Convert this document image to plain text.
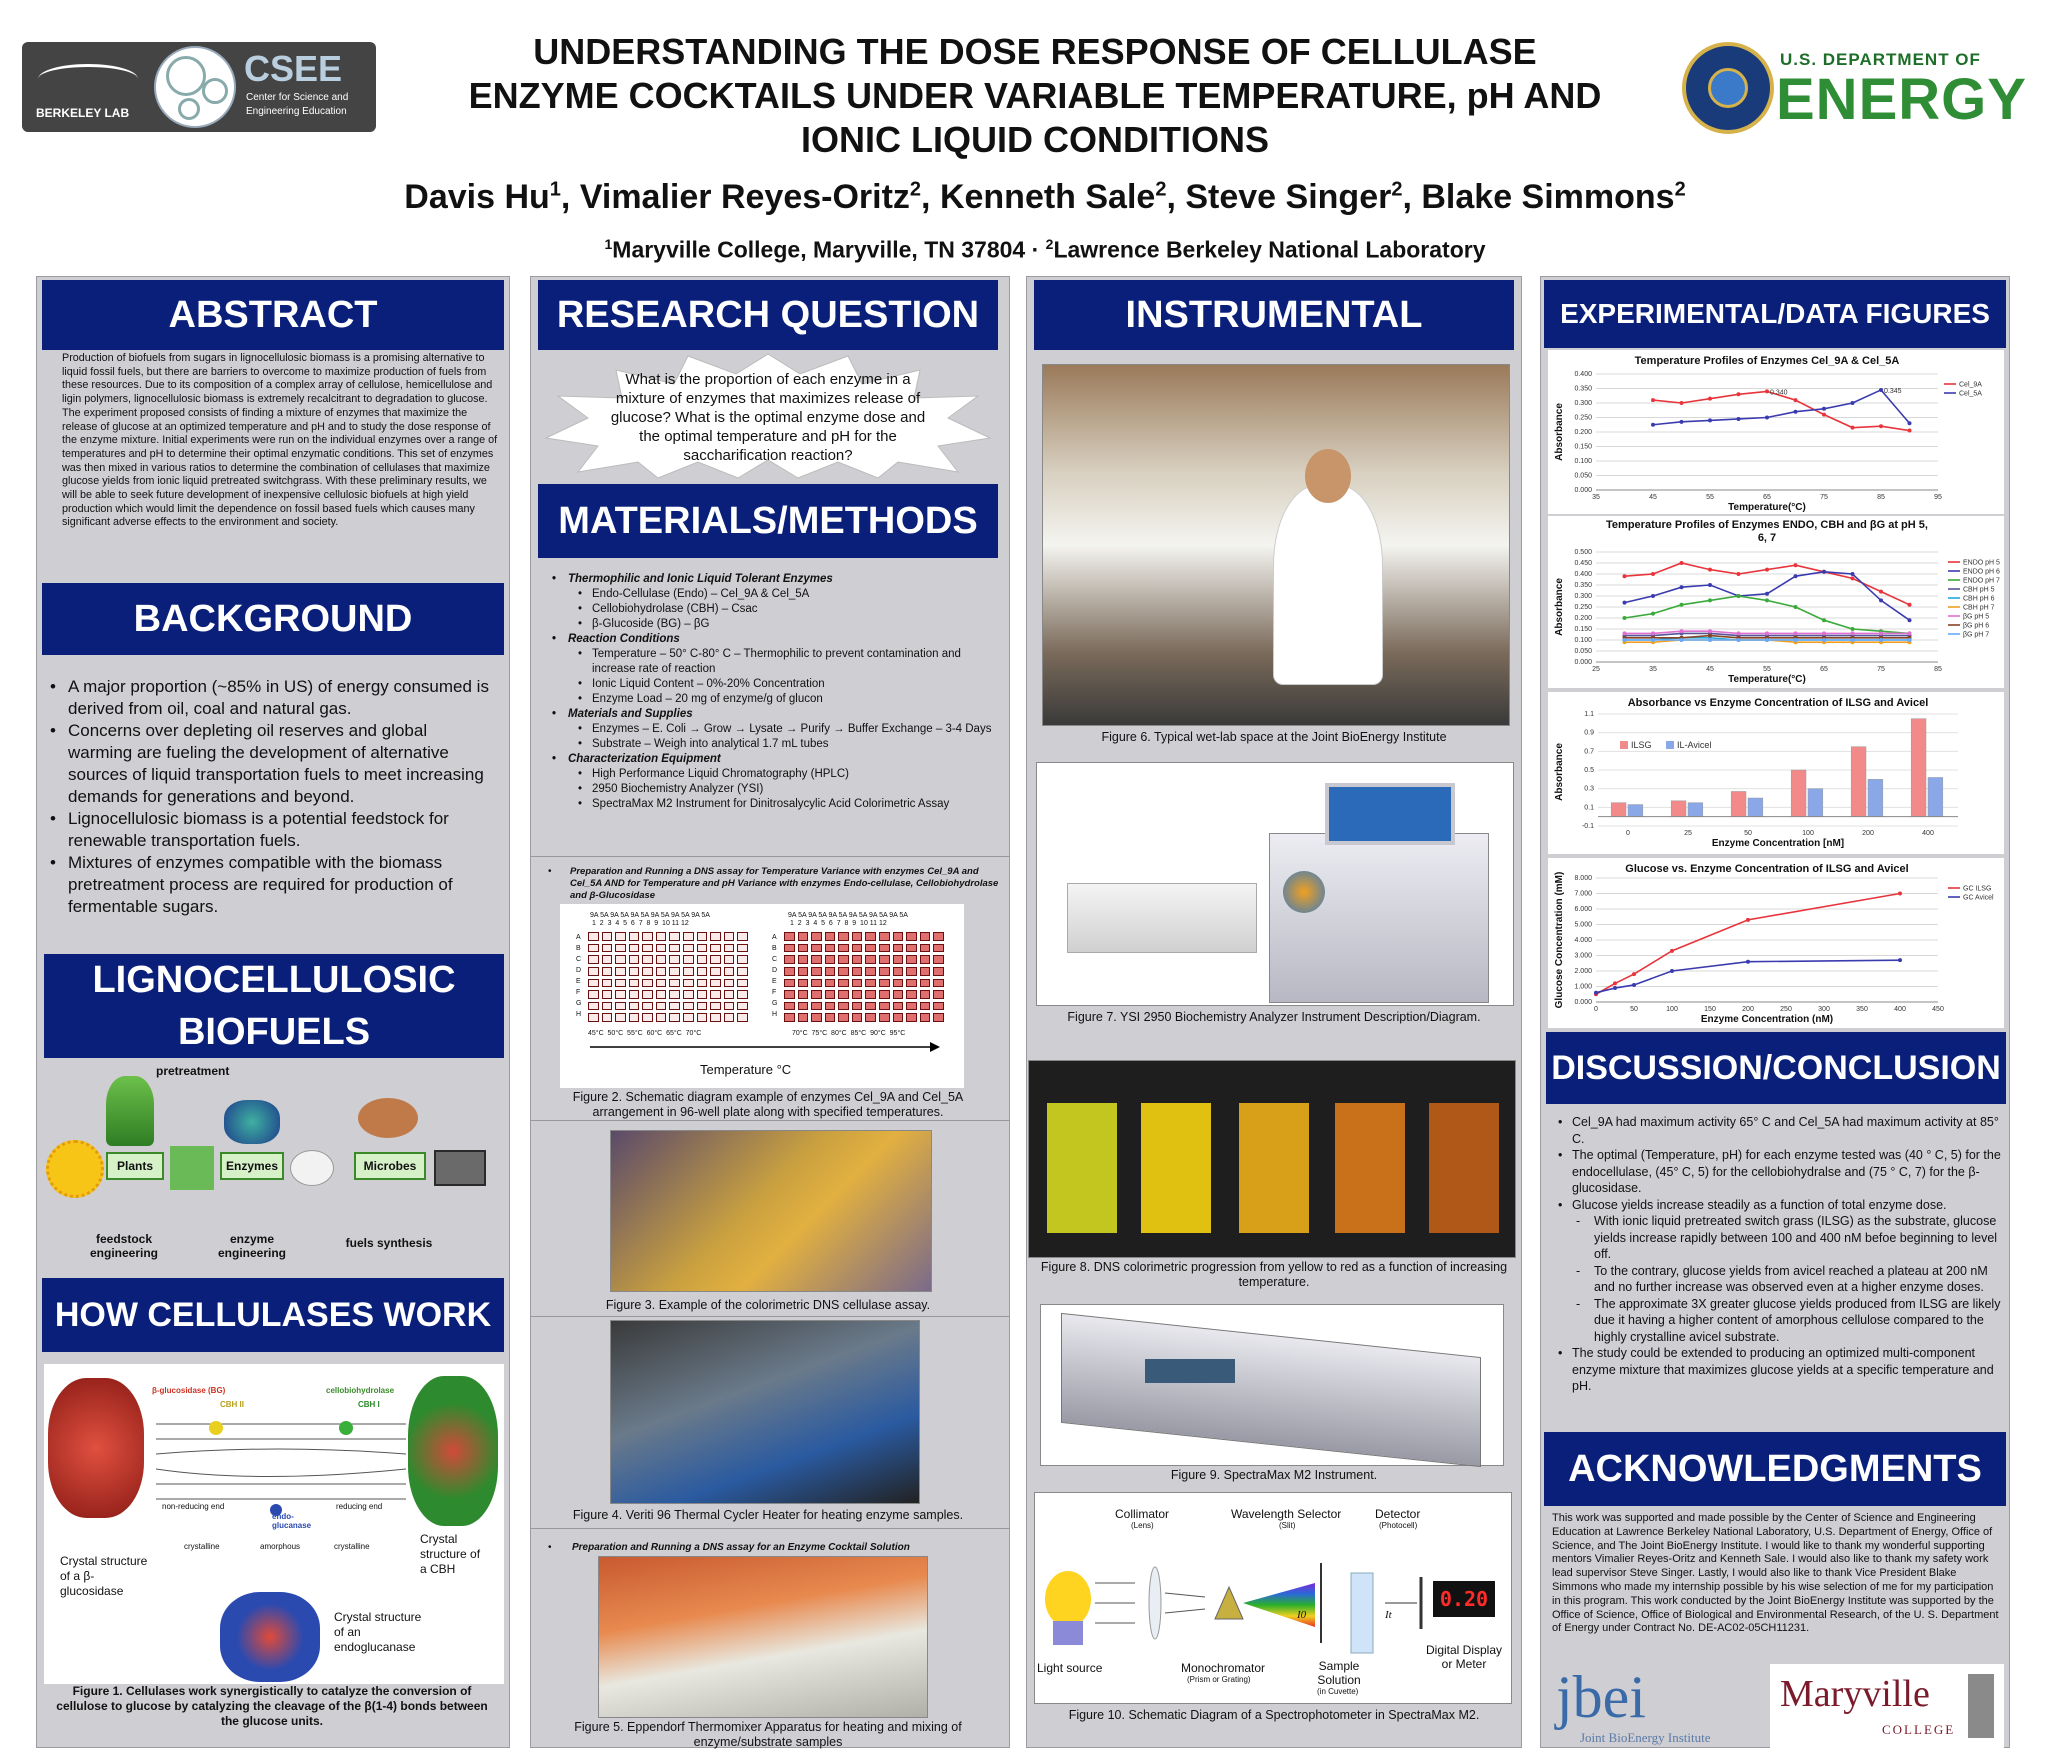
BERKELEY LAB
CSEE
Center for Science and
Engineering Education
UNDERSTANDING THE DOSE RESPONSE OF CELLULASE
ENZYME COCKTAILS UNDER VARIABLE TEMPERATURE, pH AND
IONIC LIQUID CONDITIONS
Davis Hu$^1$, Vimalier Reyes-Oritz$^2$, Kenneth Sale$^2$, Steve Singer$^2$, Blake Simmons$^2$
$^1$Maryville College, Maryville, TN 37804 · $^2$Lawrence Berkeley National Laboratory
U.S. DEPARTMENT OF
ENERGY
ABSTRACT
Production of biofuels from sugars in lignocellulosic biomass is a promising alternative to liquid fossil fuels, but there are barriers to overcome to maximize production of fuels from these resources. Due to its composition of a complex array of cellulose, hemicellulose and ligin polymers, lignocellulosic biomass is extremely recalcitrant to degradation to glucose. The experiment proposed consists of finding a mixture of enzymes that maximize the release of glucose at an optimized temperature and pH and to study the dose response of the enzyme mixture. Initial experiments were run on the individual enzymes over a range of temperatures and pH to determine their optimal enzymatic conditions. This set of enzymes was then mixed in various ratios to determine the combination of cellulases that maximize glucose yields from ionic liquid pretreated switchgrass. With these preliminary results, we will be able to seek future development of inexpensive cellulosic biofuels at high yield production which would limit the dependence on fossil based fuels which causes many significant adverse effects to the environment and society.
BACKGROUND
• A major proportion (~85% in US) of energy consumed is derived from oil, coal and natural gas.
• Concerns over depleting oil reserves and global warming are fueling the development of alternative sources of liquid transportation fuels to meet increasing demands for generations and beyond.
• Lignocellulosic biomass is a potential feedstock for renewable transportation fuels.
• Mixtures of enzymes compatible with the biomass pretreatment process are required for production of fermentable sugars.
LIGNOCELLULOSIC
BIOFUELS
pretreatment
Plants	Enzymes	Microbes
feedstock engineering
enzyme engineering
fuels synthesis
HOW CELLULASES WORK
β-glucosidase (BG)	cellobiohydrolase
CBH II	CBH I
non-reducing end	reducing end
endo-glucanase
crystalline	amorphous	crystalline
Crystal structure of a β-glucosidase
Crystal structure of a CBH
Crystal structure of an endoglucanase
Figure 1. Cellulases work synergistically to catalyze the conversion of cellulose to glucose by catalyzing the cleavage of the β(1-4) bonds between the glucose units.
RESEARCH QUESTION
What is the proportion of each enzyme in a mixture of enzymes that maximizes release of glucose? What is the optimal enzyme dose and the optimal temperature and pH for the saccharification reaction?
MATERIALS/METHODS
• Thermophilic and Ionic Liquid Tolerant Enzymes
• Endo-Cellulase (Endo) – Cel_9A & Cel_5A
• Cellobiohydrolase (CBH) – Csac
• β-Glucoside (BG) – βG
• Reaction Conditions
• Temperature – 50° C-80° C – Thermophilic to prevent contamination and increase rate of reaction
• Ionic Liquid Content – 0%-20% Concentration
• Enzyme Load – 20 mg of enzyme/g of glucon
• Materials and Supplies
• Enzymes – E. Coli → Grow → Lysate → Purify → Buffer Exchange – 3-4 Days
• Substrate – Weigh into analytical 1.7 mL tubes
• Characterization Equipment
• High Performance Liquid Chromatography (HPLC)
• 2950 Biochemistry Analyzer (YSI)
• SpectraMax M2 Instrument for Dinitrosalycylic Acid Colorimetric Assay
Preparation and Running a DNS assay for Temperature Variance with enzymes Cel_9A and Cel_5A AND for Temperature and pH Variance with enzymes Endo-cellulase, Cellobiohydrolase and β-Glucosidase
•
9A 5A 9A 5A 9A 5A 9A 5A 9A 5A 9A 5A
1  2  3  4  5  6  7  8  9  10 11 12
9A 5A 9A 5A 9A 5A 9A 5A 9A 5A 9A 5A
1  2  3  4  5  6  7  8  9  10 11 12
A
B
C
D
E
F
G
H
A
B
C
D
E
F
G
H
45°C  50°C  55°C  60°C  65°C  70°C	70°C  75°C  80°C  85°C  90°C  95°C
Temperature °C
Figure 2. Schematic diagram example of enzymes Cel_9A and Cel_5A arrangement in 96-well plate along with specified temperatures.
Figure 3. Example of the colorimetric DNS cellulase assay.
Figure 4. Veriti 96 Thermal Cycler Heater for heating enzyme samples.
• Preparation and Running a DNS assay for an Enzyme Cocktail Solution
Figure 5. Eppendorf Thermomixer Apparatus for heating and mixing of enzyme/substrate samples
INSTRUMENTAL
Figure 6. Typical wet-lab space at the Joint BioEnergy Institute
Figure 7. YSI 2950 Biochemistry Analyzer Instrument Description/Diagram.
Figure 8. DNS colorimetric progression from yellow to red as a function of increasing temperature.
Figure 9. SpectraMax M2 Instrument.
Collimator
(Lens)
Wavelength Selector
(Slit)
Detector
(Photocell)
0.20
I0	It
Light source	Monochromator
(Prism or Grating)
Sample Solution
(in Cuvette)
Digital Display or Meter
Figure 10. Schematic Diagram of a Spectrophotometer in SpectraMax M2.
EXPERIMENTAL/DATA FIGURES
Temperature Profiles of Enzymes Cel_9A & Cel_5A
0.000
0.050
0.100
0.150
0.200
0.250
0.300
0.350
0.400
35	45	55	65	75	85	95
Temperature(°C)
Absorbance
Cel_9A
Cel_5A
0.340	0.345
Temperature Profiles of Enzymes ENDO, CBH and βG at pH 5,
6, 7
0.000
0.050
0.100
0.150
0.200
0.250
0.300
0.350
0.400
0.450
0.500
25	35	45	55	65	75	85
Temperature(°C)
Absorbance
ENDO pH 5
ENDO pH 6
ENDO pH 7
CBH pH 5
CBH pH 6
CBH pH 7
βG pH 5
βG pH 6
βG pH 7
Absorbance vs Enzyme Concentration of ILSG and Avicel
-0.1
0.1
0.3
0.5
0.7
0.9
1.1
0	25	50	100	200	400
Enzyme Concentration [nM]
Absorbance	ILSG	IL-Avicel
Glucose vs. Enzyme Concentration of ILSG and Avicel
0.000
1.000
2.000
3.000
4.000
5.000
6.000
7.000
8.000
0	50	100	150	200	250	300	350	400	450
Enzyme Concentration (nM)
Glucose Concentration (mM)	GC ILSG
GC Avicel
DISCUSSION/CONCLUSION
• Cel_9A had maximum activity 65° C and Cel_5A had maximum activity at 85° C.
• The optimal (Temperature, pH) for each enzyme tested was (40 ° C, 5) for the endocellulase, (45° C, 5) for the cellobiohydralse and (75 ° C, 7) for the β-glucosidase.
• Glucose yields increase steadily as a function of total enzyme dose.
- With ionic liquid pretreated switch grass (ILSG) as the substrate, glucose yields increase rapidly between 100 and 400 nM befoe beginning to level off.
- To the contrary, glucose yields from avicel reached a plateau at 200 nM and no further increase was observed even at a higher enzyme doses.
- The approximate 3X greater glucose yields produced from ILSG are likely due it having a higher content of amorphous cellulose compared to the highly crystalline avicel substrate.
• The study could be extended to producing an optimized multi-component enzyme mixture that maximizes glucose yields at a specific temperature and pH.
ACKNOWLEDGMENTS
This work was supported and made possible by the Center of Science and Engineering Education at Lawrence Berkeley National Laboratory, U.S. Department of Energy, Office of Science, and The Joint BioEnergy Institute. I would like to thank my wonderful supporting mentors Vimalier Reyes-Oritz and Kenneth Sale. I would also like to thank my safety work lead supervisor Steve Singer. Lastly, I would also like to thank Vice President Blake Simmons who made my internship possible by his wise selection of me for my participation in this program. This work conducted by the Joint BioEnergy Institute was supported by the Office of Science, Office of Biological and Environmental Research, of the U. S. Department of Energy under Contract No. DE-AC02-05CH11231.
jbei
Joint BioEnergy Institute
Maryville
COLLEGE
